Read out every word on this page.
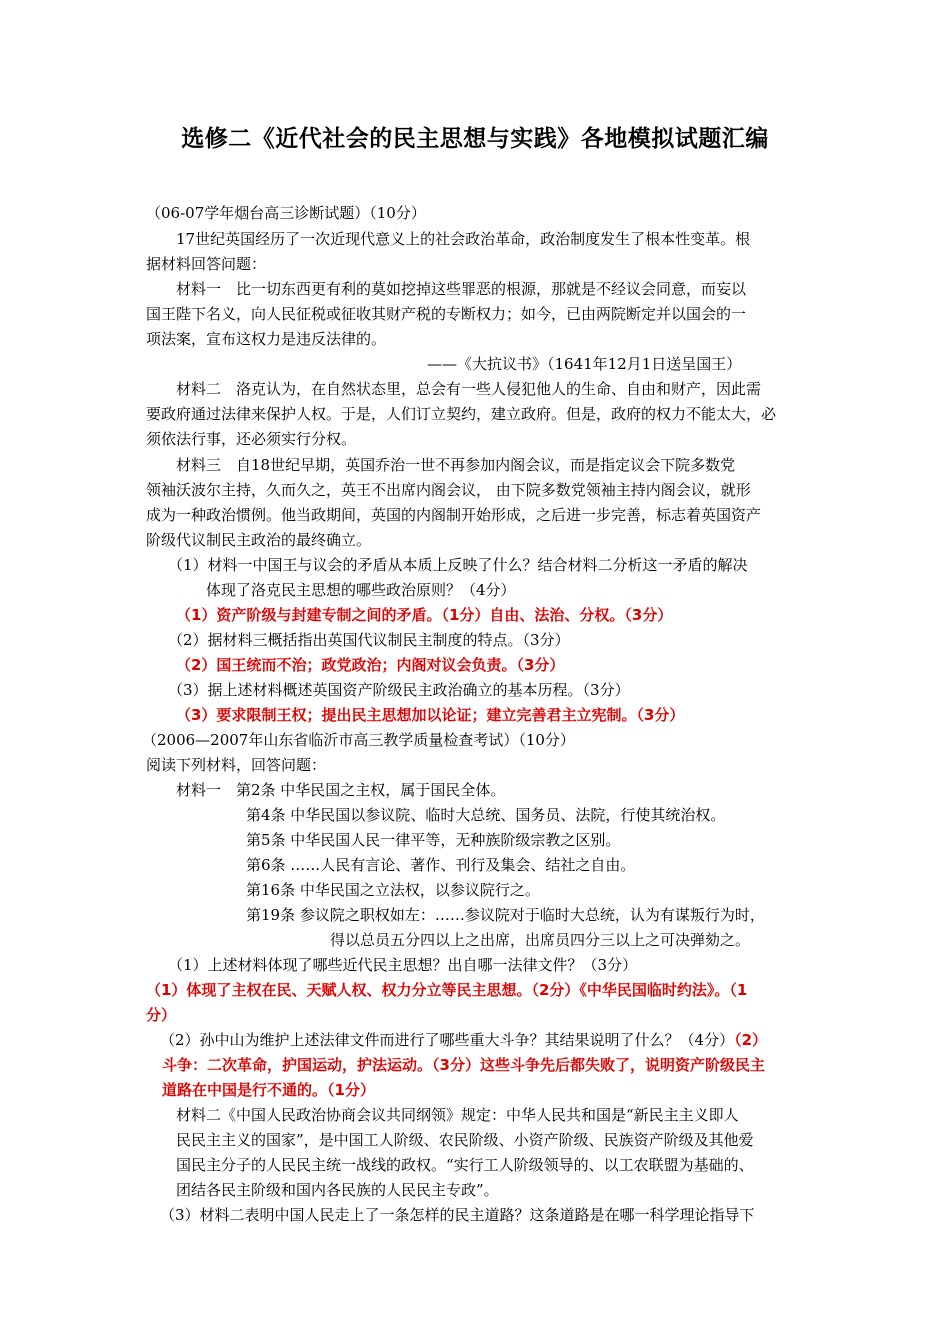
选修二《近代社会的民主思想与实践》各地模拟试题汇编
（06-07学年烟台高三诊断试题）（10分）
17世纪英国经历了一次近现代意义上的社会政治革命，政治制度发生了根本性变革。根
据材料回答问题：
材料一　比一切东西更有利的莫如挖掉这些罪恶的根源，那就是不经议会同意，而妄以
国王陛下名义，向人民征税或征收其财产税的专断权力；如今，已由两院断定并以国会的一
项法案，宣布这权力是违反法律的。
——《大抗议书》（1641年12月1日送呈国王）
材料二　洛克认为，在自然状态里，总会有一些人侵犯他人的生命、自由和财产，因此需
要政府通过法律来保护人权。于是，人们订立契约，建立政府。但是，政府的权力不能太大，必
须依法行事，还必须实行分权。
材料三　自18世纪早期，英国乔治一世不再参加内阁会议，而是指定议会下院多数党
领袖沃波尔主持，久而久之，英王不出席内阁会议， 由下院多数党领袖主持内阁会议，就形
成为一种政治惯例。他当政期间，英国的内阁制开始形成，之后进一步完善，标志着英国资产
阶级代议制民主政治的最终确立。
（1）材料一中国王与议会的矛盾从本质上反映了什么？结合材料二分析这一矛盾的解决
体现了洛克民主思想的哪些政治原则？（4分）
（1）资产阶级与封建专制之间的矛盾。（1分）自由、法治、分权。（3分）
（2）据材料三概括指出英国代议制民主制度的特点。（3分）
（2）国王统而不治；政党政治；内阁对议会负责。（3分）
（3）据上述材料概述英国资产阶级民主政治确立的基本历程。（3分）
（3）要求限制王权；提出民主思想加以论证；建立完善君主立宪制。（3分）
（2006—2007年山东省临沂市高三教学质量检查考试）（10分）
阅读下列材料，回答问题：
材料一 第2条 中华民国之主权，属于国民全体。
第4条 中华民国以参议院、临时大总统、国务员、法院，行使其统治权。
第5条 中华民国人民一律平等，无种族阶级宗教之区别。
第6条 ……人民有言论、著作、刊行及集会、结社之自由。
第16条 中华民国之立法权，以参议院行之。
第19条 参议院之职权如左：……参议院对于临时大总统，认为有谋叛行为时，
得以总员五分四以上之出席，出席员四分三以上之可决弹劾之。
（1）上述材料体现了哪些近代民主思想？出自哪一法律文件？（3分）
（1）体现了主权在民、天赋人权、权力分立等民主思想。（2分）《中华民国临时约法》。（1
分）
（2）孙中山为维护上述法律文件而进行了哪些重大斗争？其结果说明了什么？（4分）（2）
斗争：二次革命，护国运动，护法运动。（3分）这些斗争先后都失败了，说明资产阶级民主
道路在中国是行不通的。（1分）
材料二《中国人民政治协商会议共同纲领》规定：中华人民共和国是“新民主主义即人
民民主主义的国家”，是中国工人阶级、农民阶级、小资产阶级、民族资产阶级及其他爱
国民主分子的人民民主统一战线的政权。“实行工人阶级领导的、以工农联盟为基础的、
团结各民主阶级和国内各民族的人民民主专政”。
（3）材料二表明中国人民走上了一条怎样的民主道路？这条道路是在哪一科学理论指导下
